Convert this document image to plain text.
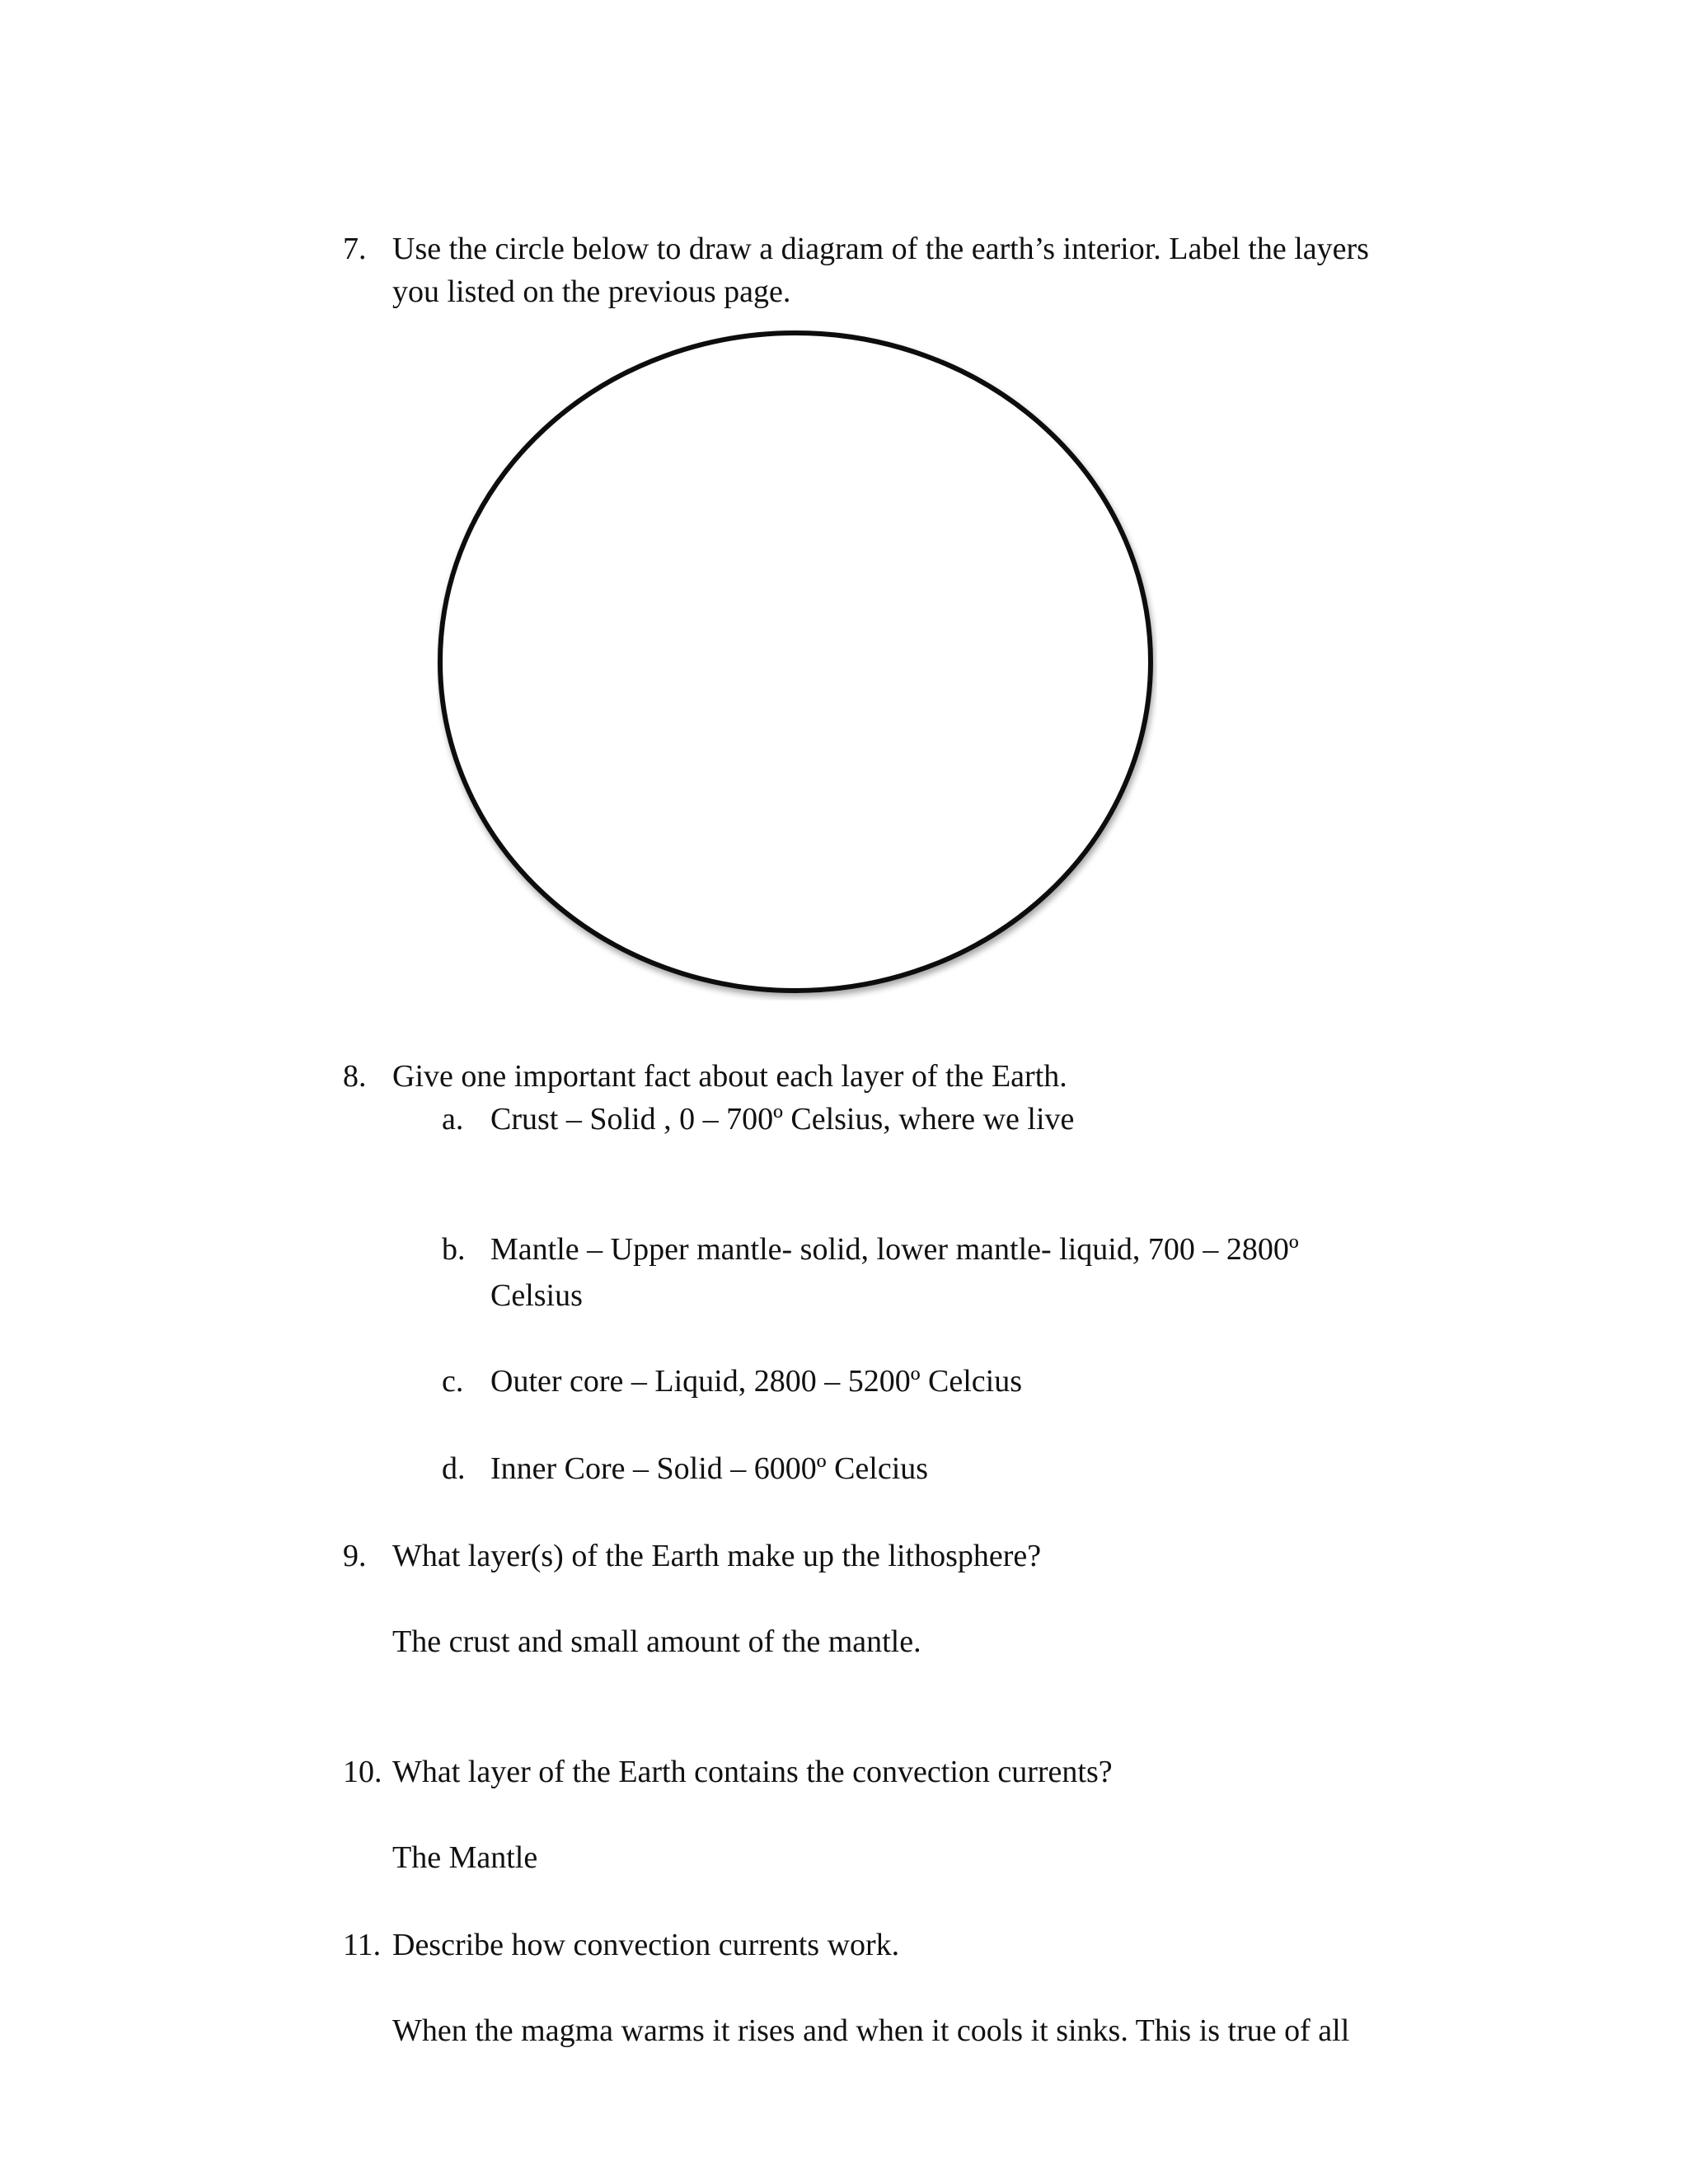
7. Use the circle below to draw a diagram of the earth’s interior. Label the layers
you listed on the previous page.
8. Give one important fact about each layer of the Earth.
a. Crust – Solid , 0 – 700º Celsius, where we live
b. Mantle – Upper mantle- solid, lower mantle- liquid, 700 – 2800º
Celsius
c. Outer core – Liquid, 2800 – 5200º Celcius
d. Inner Core – Solid – 6000º Celcius
9. What layer(s) of the Earth make up the lithosphere?
The crust and small amount of the mantle.
10. What layer of the Earth contains the convection currents?
The Mantle
11. Describe how convection currents work.
When the magma warms it rises and when it cools it sinks. This is true of all
